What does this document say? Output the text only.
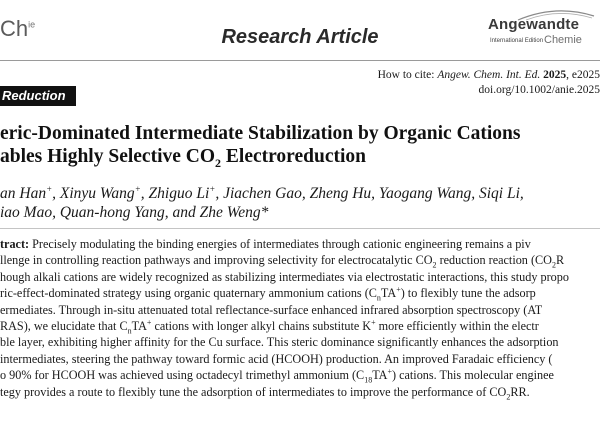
$Ch^{ie}$
Research Article
Angewandte
International Edition Chemie
How to cite: Angew. Chem. Int. Ed. 2025, e2025
doi.org/10.1002/anie.2025
Reduction
eric-Dominated Intermediate Stabilization by Organic Cations
ables Highly Selective $CO_2$ Electroreduction
an Han+, Xinyu Wang+, Zhiguo Li+, Jiachen Gao, Zheng Hu, Yaogang Wang, Siqi Li,
iao Mao, Quan-hong Yang, and Zhe Weng*
tract: Precisely modulating the binding energies of intermediates through cationic engineering remains a piv
llenge in controlling reaction pathways and improving selectivity for electrocatalytic $CO_2$ reduction reaction ($CO_2R$
hough alkali cations are widely recognized as stabilizing intermediates via electrostatic interactions, this study propo
ric-effect-dominated strategy using organic quaternary ammonium cations $(C_nTA^+)$ to flexibly tune the adsorp
ermediates. Through in-situ attenuated total reflectance-surface enhanced infrared absorption spectroscopy (AT
RAS), we elucidate that $C_nTA^+$ cations with longer alkyl chains substitute K+ more efficiently within the electr
ble layer, exhibiting higher affinity for the Cu surface. This steric dominance significantly enhances the adsorption
intermediates, steering the pathway toward formic acid (HCOOH) production. An improved Faradaic efficiency (
o 90% for HCOOH was achieved using octadecyl trimethyl ammonium $(C_{18}TA^+)$ cations. This molecular enginee
tegy provides a route to flexibly tune the adsorption of intermediates to improve the performance of $CO_2RR$.
